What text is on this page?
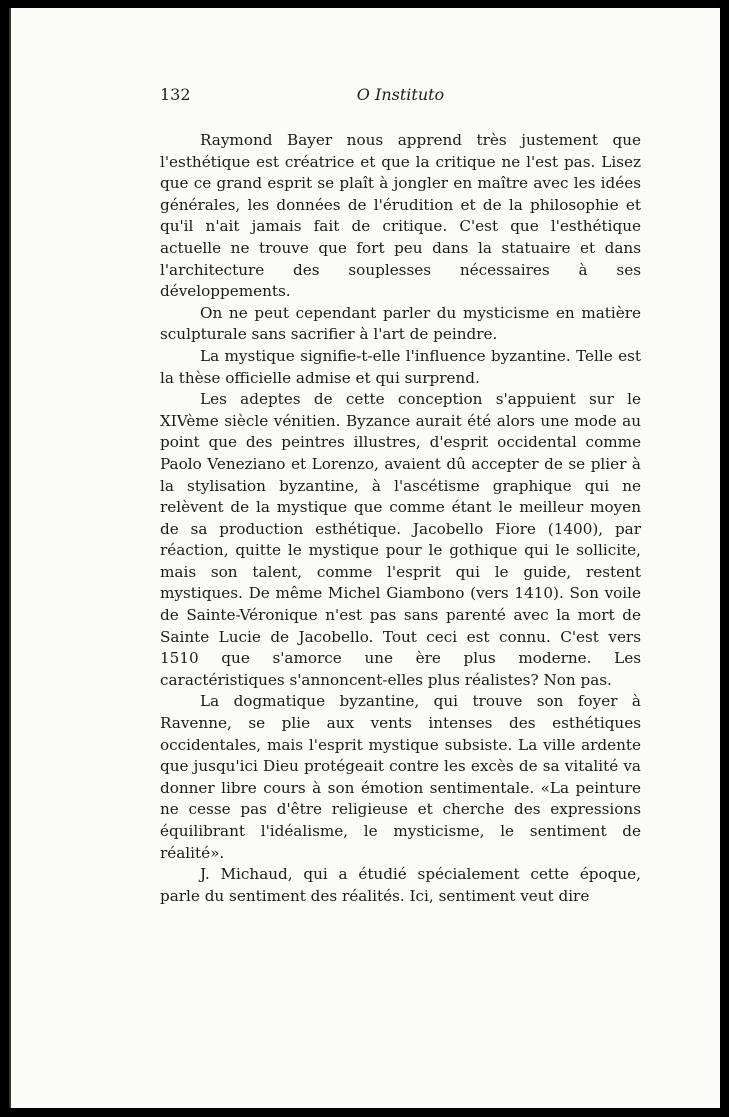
132	O Instituto

Raymond Bayer nous apprend très justement que l'esthétique est créatrice et que la critique ne l'est pas. Lisez que ce grand esprit se plaît à jongler en maître avec les idées générales, les données de l'érudition et de la philosophie et qu'il n'ait jamais fait de critique. C'est que l'esthétique actuelle ne trouve que fort peu dans la statuaire et dans l'architecture des souplesses nécessaires à ses développements.

On ne peut cependant parler du mysticisme en matière sculpturale sans sacrifier à l'art de peindre.

La mystique signifie-t-elle l'influence byzantine. Telle est la thèse officielle admise et qui surprend.

Les adeptes de cette conception s'appuient sur le XIVème siècle vénitien. Byzance aurait été alors une mode au point que des peintres illustres, d'esprit occidental comme Paolo Veneziano et Lorenzo, avaient dû accepter de se plier à la stylisation byzantine, à l'ascétisme graphique qui ne relèvent de la mystique que comme étant le meilleur moyen de sa production esthétique. Jacobello Fiore (1400), par réaction, quitte le mystique pour le gothique qui le sollicite, mais son talent, comme l'esprit qui le guide, restent mystiques. De même Michel Giambono (vers 1410). Son voile de Sainte-Véronique n'est pas sans parenté avec la mort de Sainte Lucie de Jacobello. Tout ceci est connu. C'est vers 1510 que s'amorce une ère plus moderne. Les caractéristiques s'annoncent-elles plus réalistes? Non pas.

La dogmatique byzantine, qui trouve son foyer à Ravenne, se plie aux vents intenses des esthétiques occidentales, mais l'esprit mystique subsiste. La ville ardente que jusqu'ici Dieu protégeait contre les excès de sa vitalité va donner libre cours à son émotion sentimentale. «La peinture ne cesse pas d'être religieuse et cherche des expressions équilibrant l'idéalisme, le mysticisme, le sentiment de réalité».

J. Michaud, qui a étudié spécialement cette époque, parle du sentiment des réalités. Ici, sentiment veut dire
